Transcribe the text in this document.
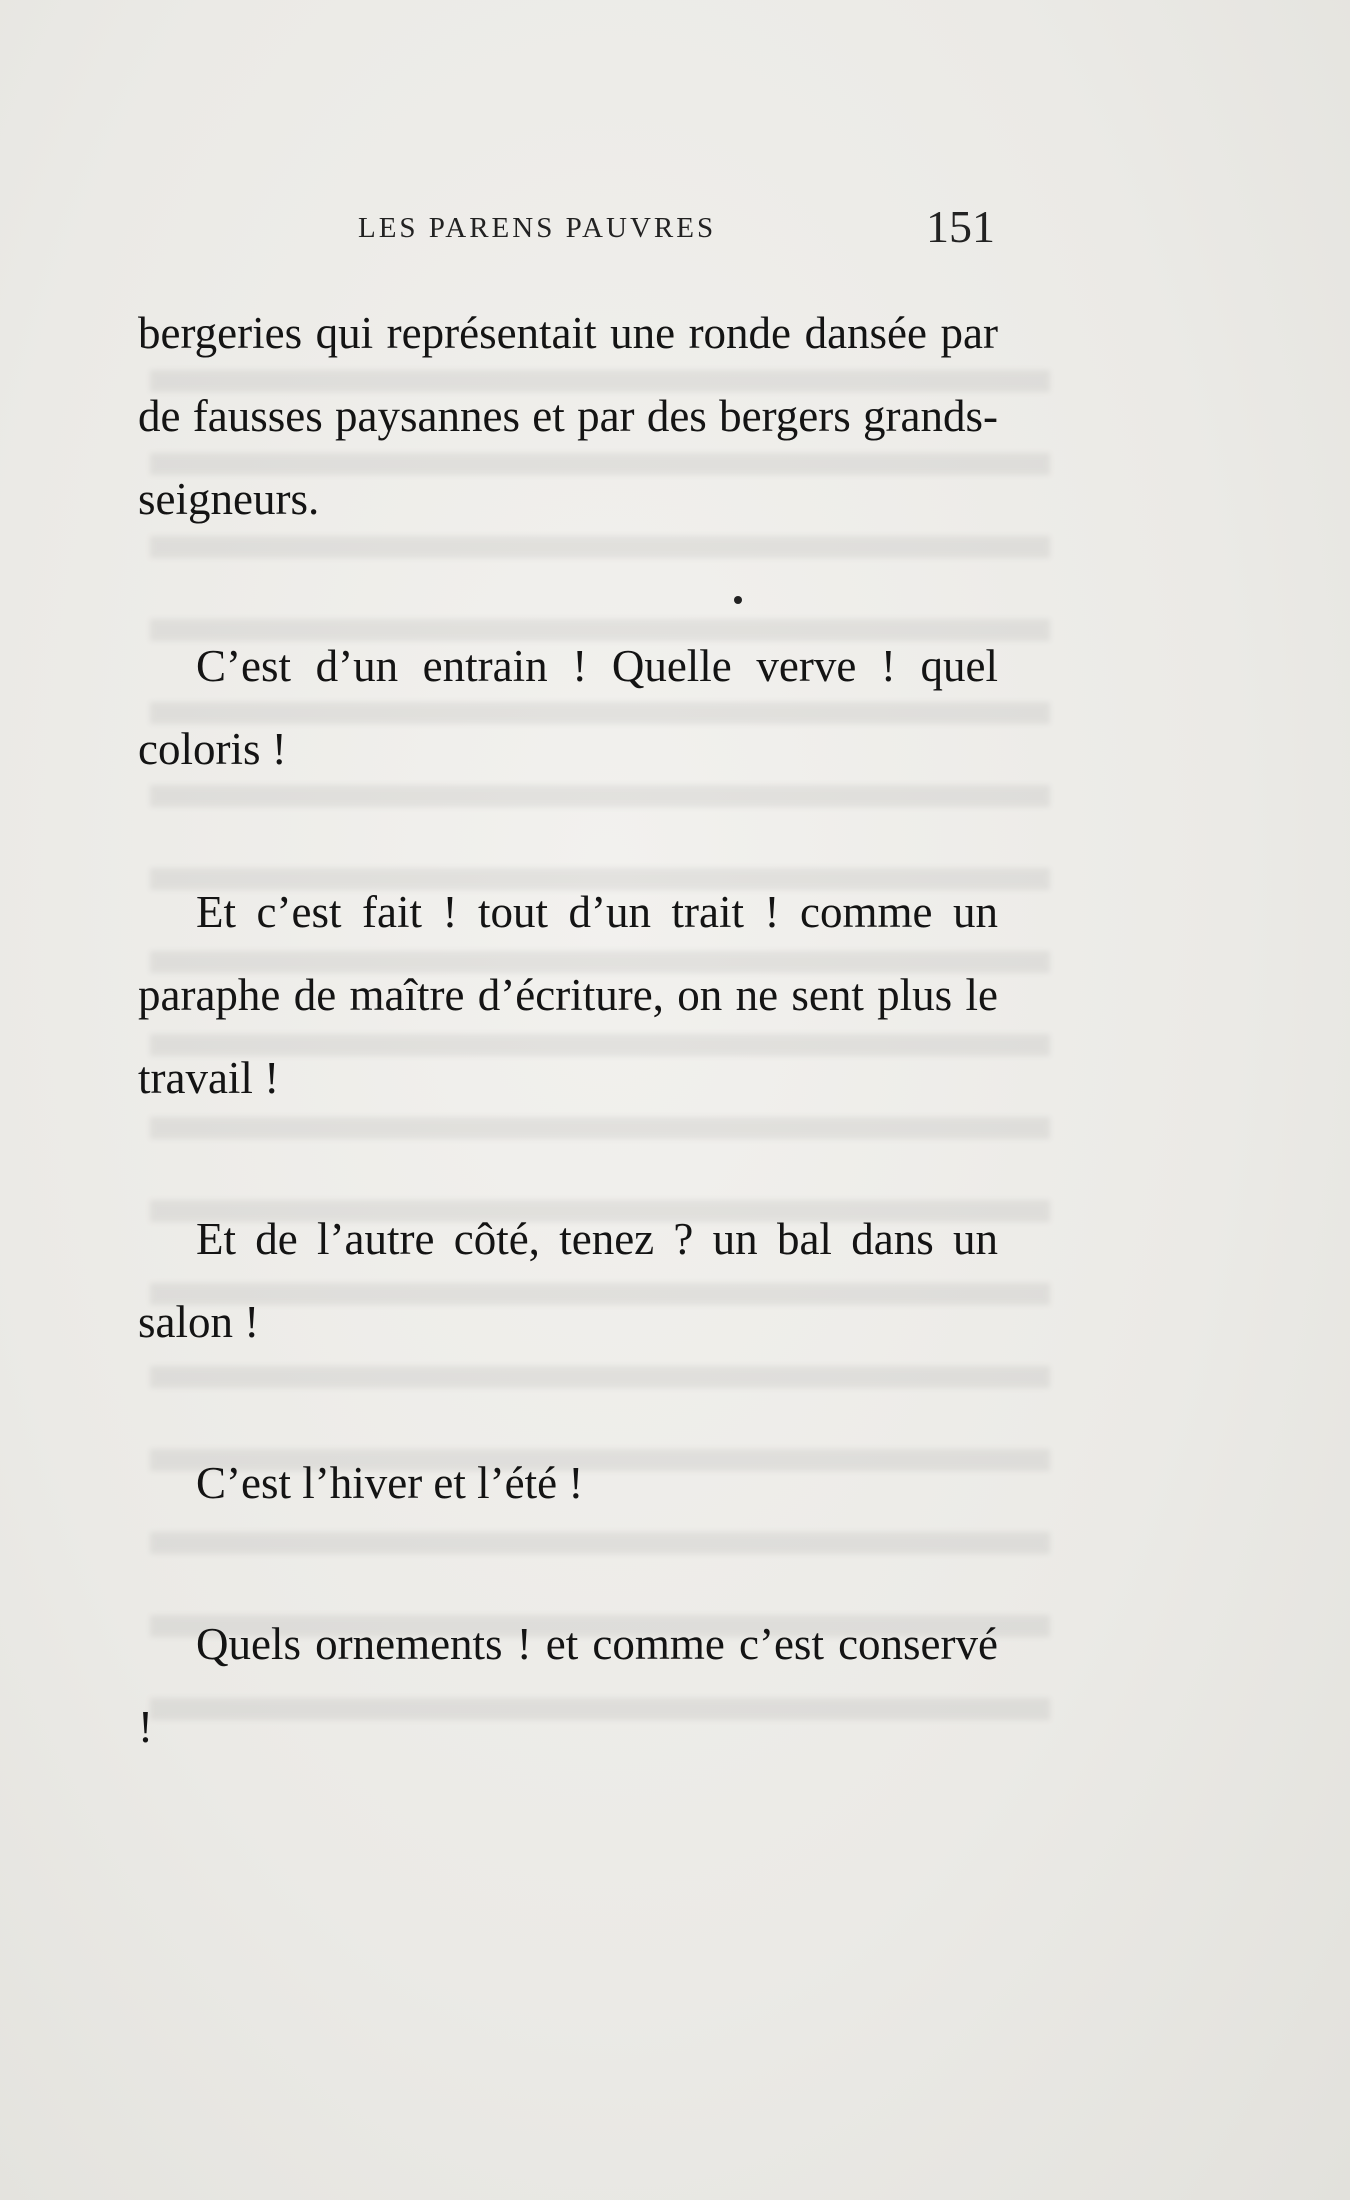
LES PARENS PAUVRES	151

bergeries qui représentait une ronde dansée par de fausses paysannes et par des bergers grands-seigneurs.

C’est d’un entrain ! Quelle verve ! quel coloris !

Et c’est fait ! tout d’un trait ! comme un paraphe de maître d’écriture, on ne sent plus le travail !

Et de l’autre côté, tenez ? un bal dans un salon !

C’est l’hiver et l’été !

Quels ornements ! et comme c’est conservé !
